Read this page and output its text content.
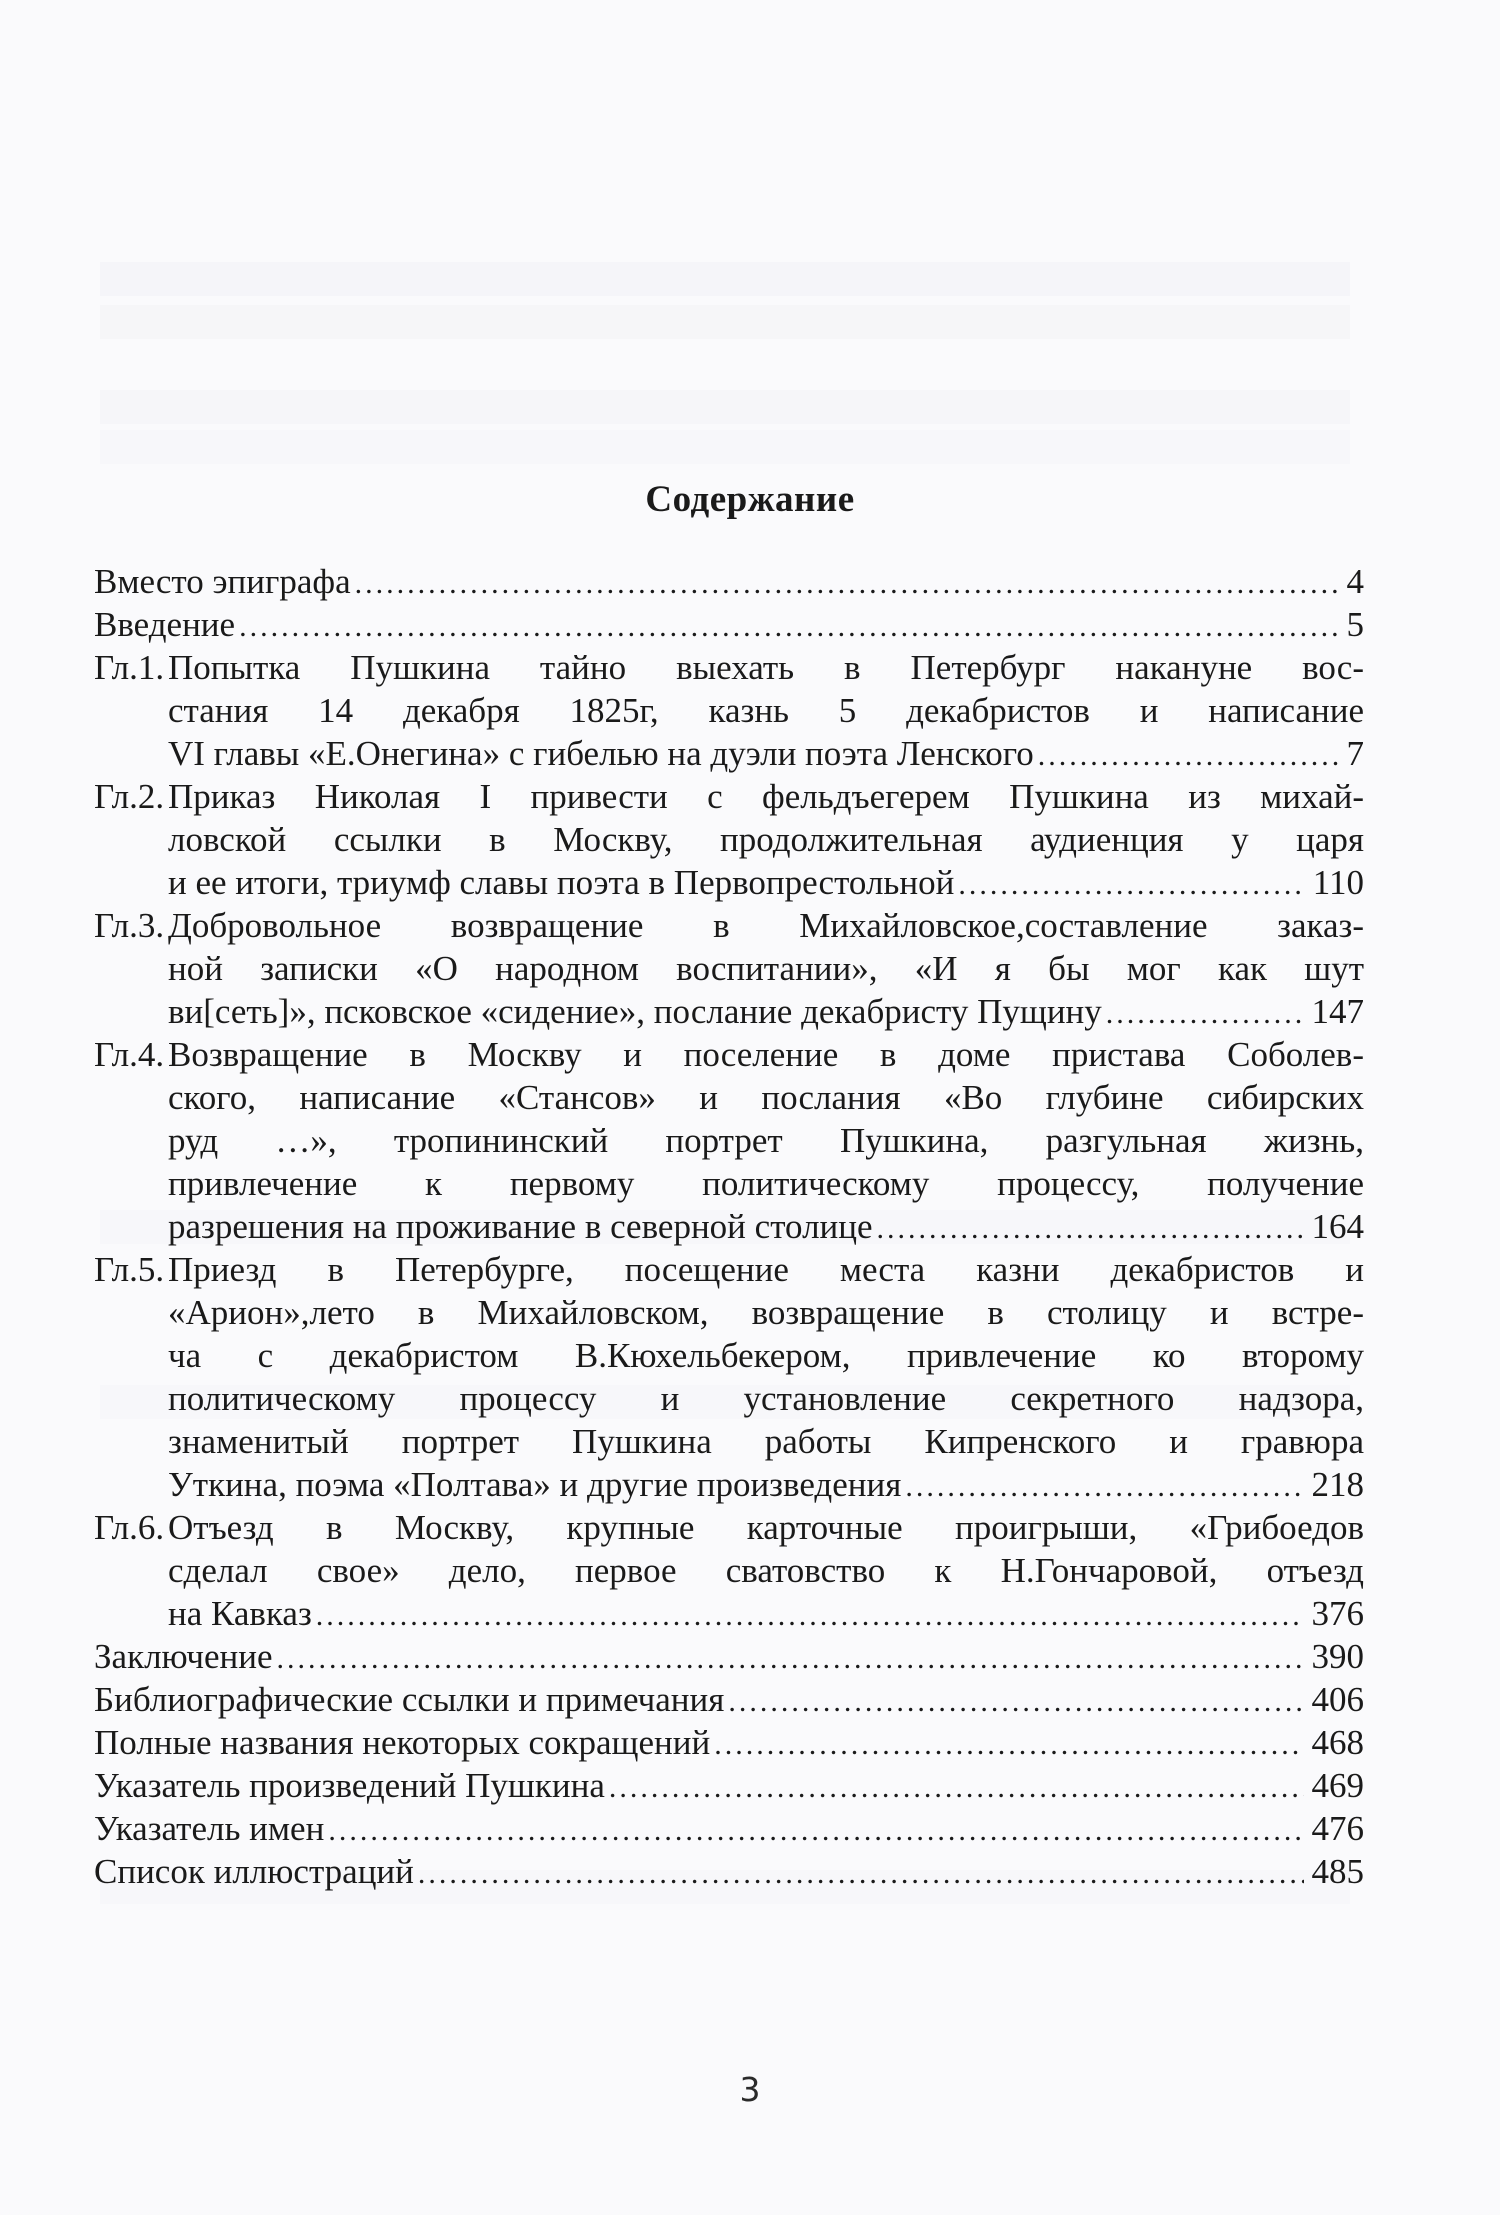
Содержание
Вместо эпиграфа .....	4
Введение .....	5
Гл.1. Попытка Пушкина тайно выехать в Петербург накануне вос-
стания 14 декабря 1825г, казнь 5 декабристов и написание
VI главы «Е.Онегина» с гибелью на дуэли поэта Ленского .....	7
Гл.2. Приказ Николая I привести с фельдъегерем Пушкина из михай-
ловской ссылки в Москву, продолжительная аудиенция у царя
и ее итоги, триумф славы поэта в Первопрестольной .....	110
Гл.3. Добровольное возвращение в Михайловское,составление заказ-
ной записки «О народном воспитании», «И я бы мог как шут
ви[сеть]», псковское «сидение», послание декабристу Пущину .....	147
Гл.4. Возвращение в Москву и поселение в доме пристава Соболев-
ского, написание «Стансов» и послания «Во глубине сибирских
руд …», тропининский портрет Пушкина, разгульная жизнь,
привлечение к первому политическому процессу, получение
разрешения на проживание в северной столице .....	164
Гл.5. Приезд в Петербурге, посещение места казни декабристов и
«Арион»,лето в Михайловском, возвращение в столицу и встре-
ча с декабристом В.Кюхельбекером, привлечение ко второму
политическому процессу и установление секретного надзора,
знаменитый портрет Пушкина работы Кипренского и гравюра
Уткина, поэма «Полтава» и другие произведения .....	218
Гл.6. Отъезд в Москву, крупные карточные проигрыши, «Грибоедов
сделал свое» дело, первое сватовство к Н.Гончаровой, отъезд
на Кавказ .....	376
Заключение .....	390
Библиографические ссылки и примечания .....	406
Полные названия некоторых сокращений .....	468
Указатель произведений Пушкина .....	469
Указатель имен .....	476
Список иллюстраций .....	485
3
